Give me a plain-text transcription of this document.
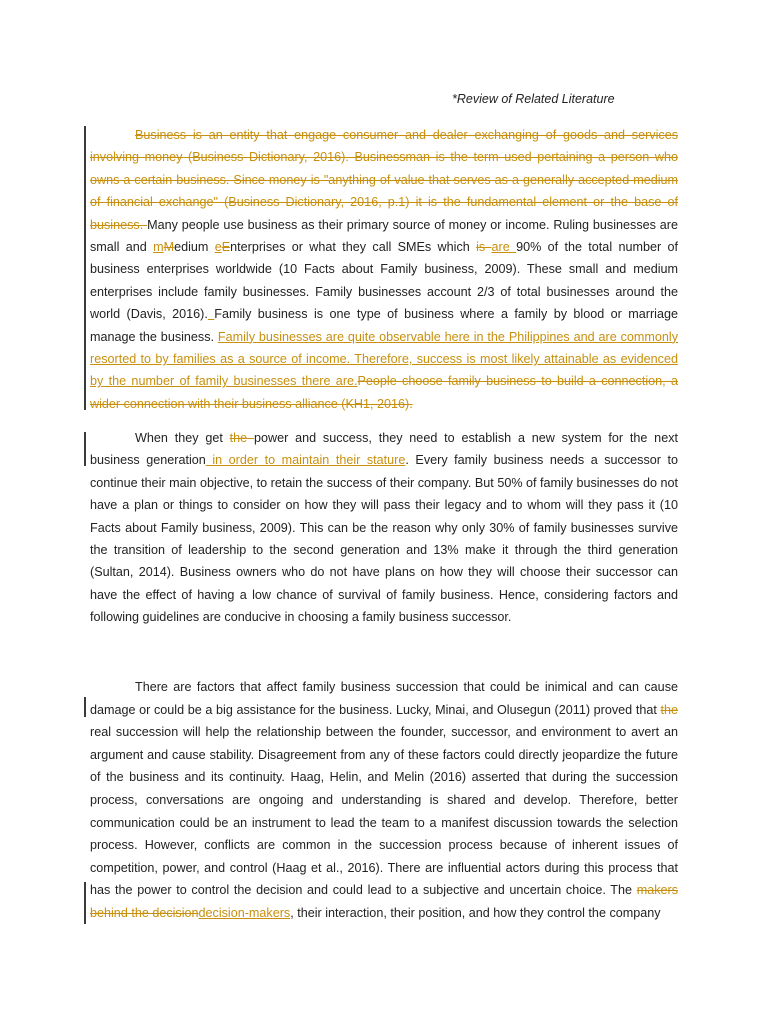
*Review of Related Literature

Business is an entity that engage consumer and dealer exchanging of goods and services involving money (Business Dictionary, 2016). Businessman is the term used pertaining a person who owns a certain business. Since money is "anything of value that serves as a generally accepted medium of financial exchange" (Business Dictionary, 2016, p.1) it is the fundamental element or the base of business. Many people use business as their primary source of money or income. Ruling businesses are small and mMedium eEnterprises or what they call SMEs which is are 90% of the total number of business enterprises worldwide (10 Facts about Family business, 2009). These small and medium enterprises include family businesses. Family businesses account 2/3 of total businesses around the world (Davis, 2016). Family business is one type of business where a family by blood or marriage manage the business. Family businesses are quite observable here in the Philippines and are commonly resorted to by families as a source of income. Therefore, success is most likely attainable as evidenced by the number of family businesses there are.People choose family business to build a connection, a wider connection with their business alliance (KH1, 2016).

When they get the power and success, they need to establish a new system for the next business generation in order to maintain their stature. Every family business needs a successor to continue their main objective, to retain the success of their company. But 50% of family businesses do not have a plan or things to consider on how they will pass their legacy and to whom will they pass it (10 Facts about Family business, 2009). This can be the reason why only 30% of family businesses survive the transition of leadership to the second generation and 13% make it through the third generation (Sultan, 2014). Business owners who do not have plans on how they will choose their successor can have the effect of having a low chance of survival of family business. Hence, considering factors and following guidelines are conducive in choosing a family business successor.

There are factors that affect family business succession that could be inimical and can cause damage or could be a big assistance for the business. Lucky, Minai, and Olusegun (2011) proved that the real succession will help the relationship between the founder, successor, and environment to avert an argument and cause stability. Disagreement from any of these factors could directly jeopardize the future of the business and its continuity. Haag, Helin, and Melin (2016) asserted that during the succession process, conversations are ongoing and understanding is shared and develop. Therefore, better communication could be an instrument to lead the team to a manifest discussion towards the selection process. However, conflicts are common in the succession process because of inherent issues of competition, power, and control (Haag et al., 2016). There are influential actors during this process that has the power to control the decision and could lead to a subjective and uncertain choice. The makers behind the decisiondecision-makers, their interaction, their position, and how they control the company
